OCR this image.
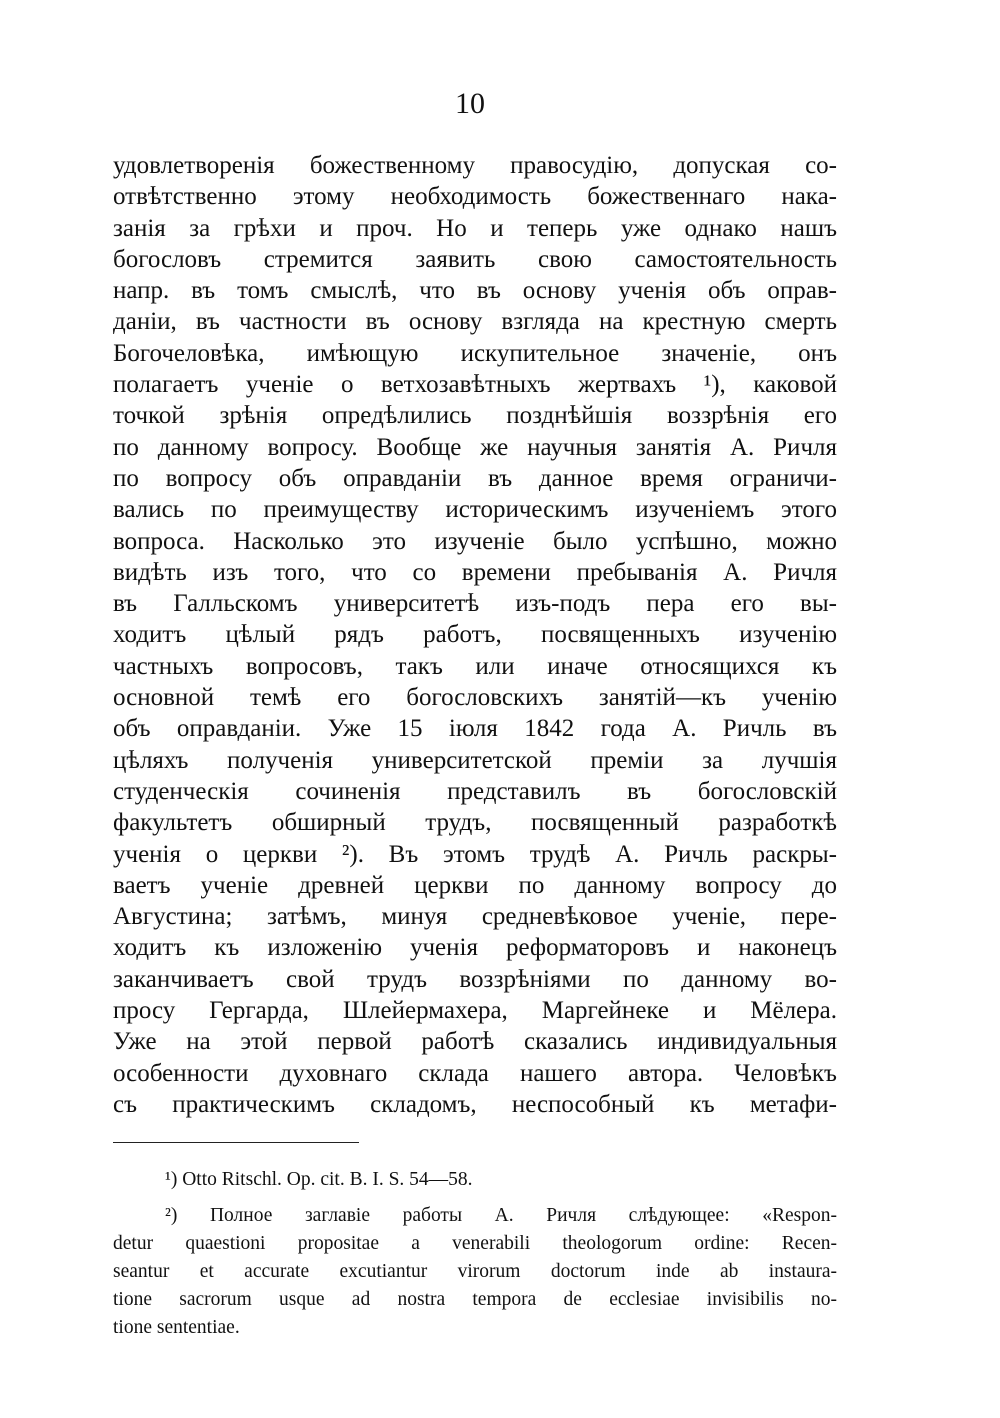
10
удовлетворенія божественному правосудію, допуская со-
отвѣтственно этому необходимость божественнаго нака-
занія за грѣхи и проч. Но и теперь уже однако нашъ
богословъ стремится заявить свою самостоятельность
напр. въ томъ смыслѣ, что въ основу ученія объ оправ-
даніи, въ частности въ основу взгляда на крестную смерть
Богочеловѣка, имѣющую искупительное значеніе, онъ
полагаетъ ученіе о ветхозавѣтныхъ жертвахъ ¹), каковой
точкой зрѣнія опредѣлились позднѣйшія воззрѣнія его
по данному вопросу. Вообще же научныя занятія А. Ричля
по вопросу объ оправданіи въ данное время ограничи-
вались по преимуществу историческимъ изученіемъ этого
вопроса. Насколько это изученіе было успѣшно, можно
видѣть изъ того, что со времени пребыванія А. Ричля
въ Галльскомъ университетѣ изъ-подъ пера его вы-
ходитъ цѣлый рядъ работъ, посвященныхъ изученію
частныхъ вопросовъ, такъ или иначе относящихся къ
основной темѣ его богословскихъ занятій—къ ученію
объ оправданіи. Уже 15 іюля 1842 года А. Ричль въ
цѣляхъ полученія университетской преміи за лучшія
студенческія сочиненія представилъ въ богословскій
факультетъ обширный трудъ, посвященный разработкѣ
ученія о церкви ²). Въ этомъ трудѣ А. Ричль раскры-
ваетъ ученіе древней церкви по данному вопросу до
Августина; затѣмъ, минуя средневѣковое ученіе, пере-
ходитъ къ изложенію ученія реформаторовъ и наконецъ
заканчиваетъ свой трудъ воззрѣніями по данному во-
просу Гергарда, Шлейермахера, Маргейнеке и Мёлера.
Уже на этой первой работѣ сказались индивидуальныя
особенности духовнаго склада нашего автора. Человѣкъ
съ практическимъ складомъ, неспособный къ метафи-
¹) Otto Ritschl. Op. cit. B. I. S. 54—58.
²) Полное заглавіе работы А. Ричля слѣдующее: «Respon-
detur quaestioni propositae a venerabili theologorum ordine: Recen-
seantur et accurate excutiantur virorum doctorum inde ab instaura-
tione sacrorum usque ad nostra tempora de ecclesiae invisibilis no-
tione sententiae.
